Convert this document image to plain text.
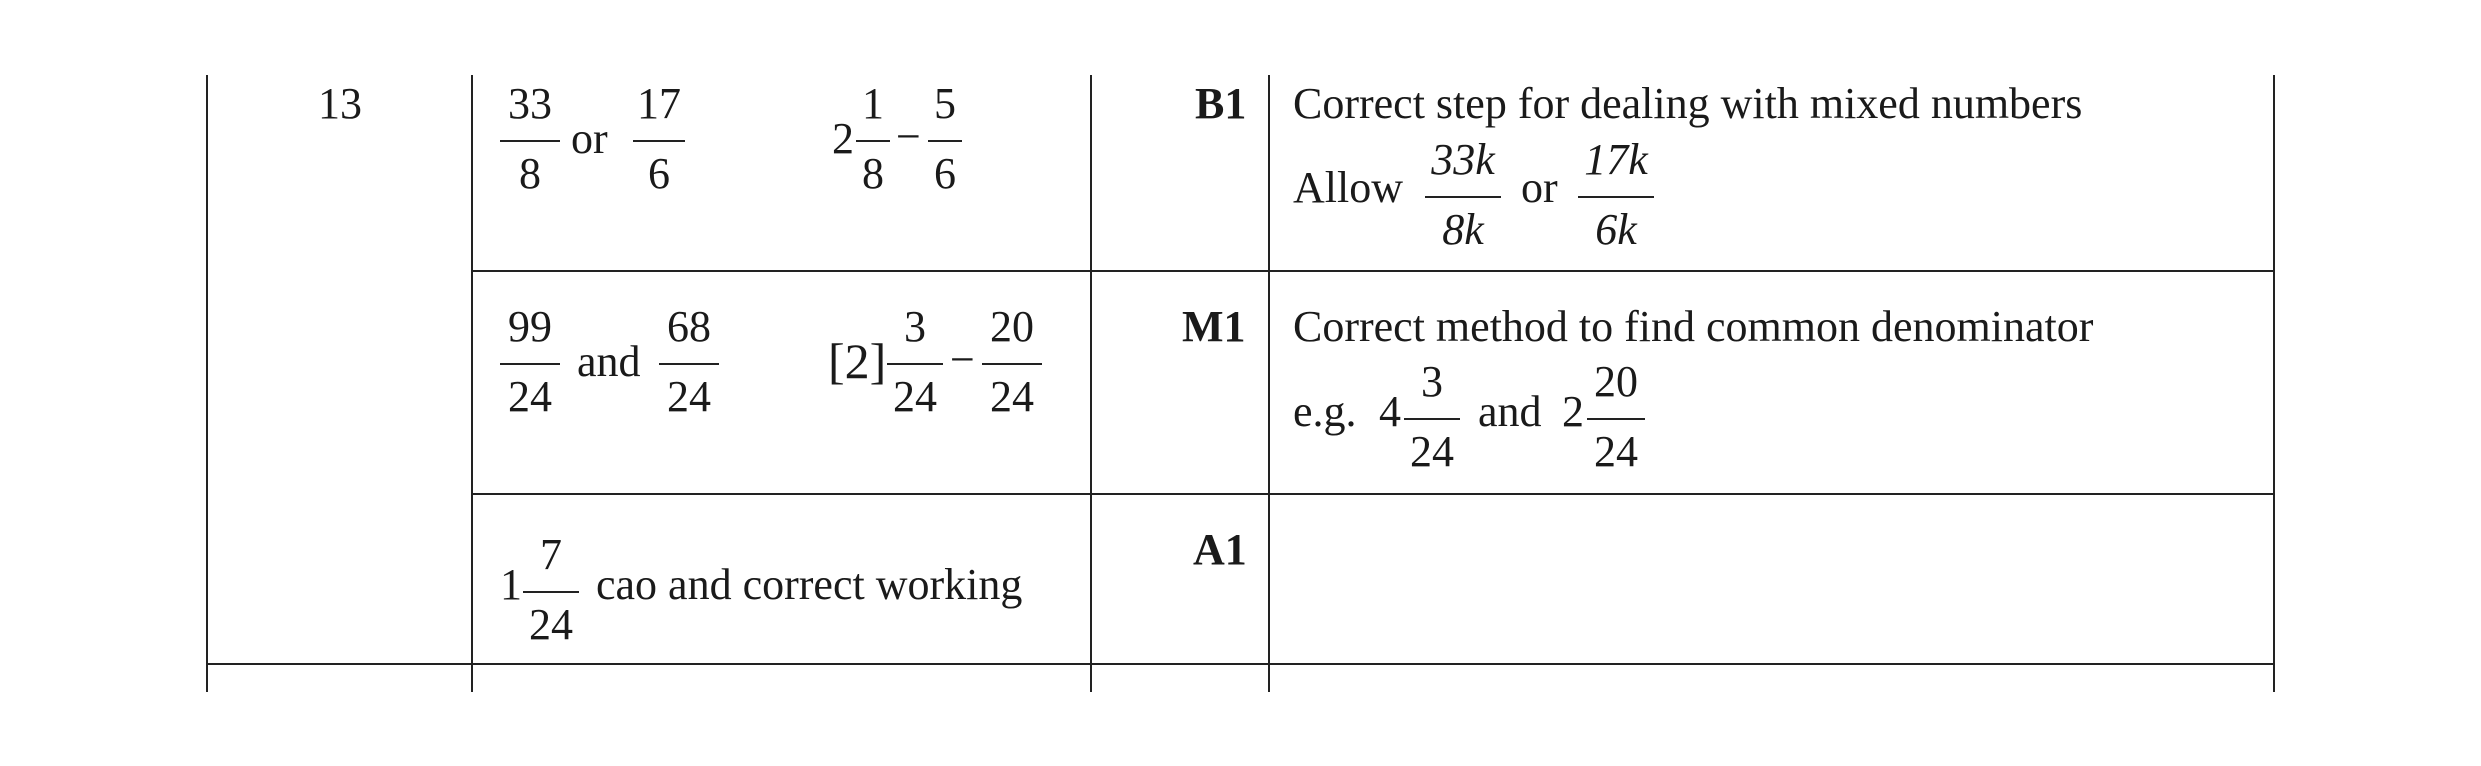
13	33
8
or
17
6
2
1
8
−
5
6
B1 Correct step for dealing with mixed numbers
Allow
33k
8k
or
17k
6k
99
24
and
68
24
[2]
3
24
−
20
24
M1 Correct method to find common denominator
e.g. 4
3
24
and 2
20
24
1
7
24
cao and correct working
A1
